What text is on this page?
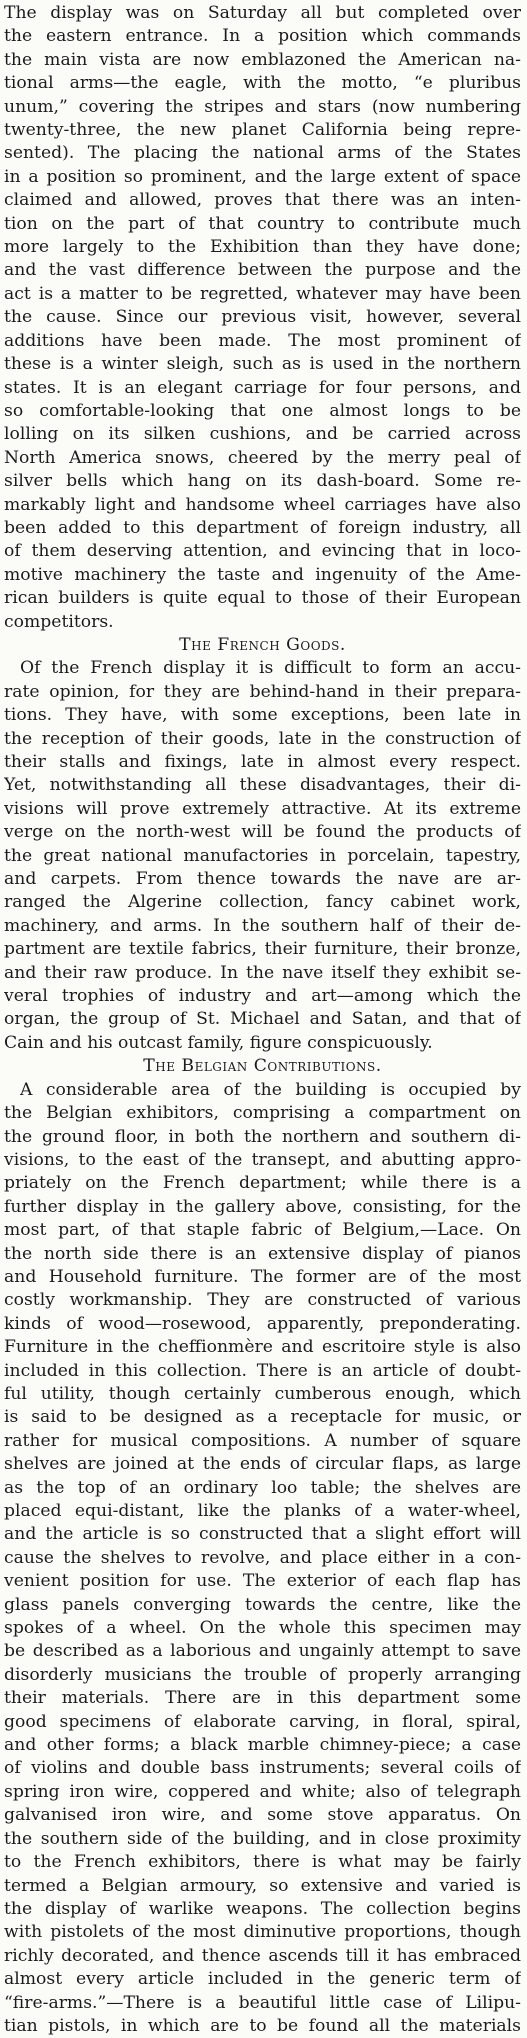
The display was on Saturday all but completed over
the eastern entrance. In a position which commands
the main vista are now emblazoned the American na-
tional arms—the eagle, with the motto, “e pluribus
unum,” covering the stripes and stars (now numbering
twenty-three, the new planet California being repre-
sented). The placing the national arms of the States
in a position so prominent, and the large extent of space
claimed and allowed, proves that there was an inten-
tion on the part of that country to contribute much
more largely to the Exhibition than they have done;
and the vast difference between the purpose and the
act is a matter to be regretted, whatever may have been
the cause. Since our previous visit, however, several
additions have been made. The most prominent of
these is a winter sleigh, such as is used in the northern
states. It is an elegant carriage for four persons, and
so comfortable-looking that one almost longs to be
lolling on its silken cushions, and be carried across
North America snows, cheered by the merry peal of
silver bells which hang on its dash-board. Some re-
markably light and handsome wheel carriages have also
been added to this department of foreign industry, all
of them deserving attention, and evincing that in loco-
motive machinery the taste and ingenuity of the Ame-
rican builders is quite equal to those of their European
competitors.
The French Goods.
Of the French display it is difficult to form an accu-
rate opinion, for they are behind-hand in their prepara-
tions. They have, with some exceptions, been late in
the reception of their goods, late in the construction of
their stalls and fixings, late in almost every respect.
Yet, notwithstanding all these disadvantages, their di-
visions will prove extremely attractive. At its extreme
verge on the north-west will be found the products of
the great national manufactories in porcelain, tapestry,
and carpets. From thence towards the nave are ar-
ranged the Algerine collection, fancy cabinet work,
machinery, and arms. In the southern half of their de-
partment are textile fabrics, their furniture, their bronze,
and their raw produce. In the nave itself they exhibit se-
veral trophies of industry and art—among which the
organ, the group of St. Michael and Satan, and that of
Cain and his outcast family, figure conspicuously.
The Belgian Contributions.
A considerable area of the building is occupied by
the Belgian exhibitors, comprising a compartment on
the ground floor, in both the northern and southern di-
visions, to the east of the transept, and abutting appro-
priately on the French department; while there is a
further display in the gallery above, consisting, for the
most part, of that staple fabric of Belgium,—Lace. On
the north side there is an extensive display of pianos
and Household furniture. The former are of the most
costly workmanship. They are constructed of various
kinds of wood—rosewood, apparently, preponderating.
Furniture in the cheffionmère and escritoire style is also
included in this collection. There is an article of doubt-
ful utility, though certainly cumberous enough, which
is said to be designed as a receptacle for music, or
rather for musical compositions. A number of square
shelves are joined at the ends of circular flaps, as large
as the top of an ordinary loo table; the shelves are
placed equi-distant, like the planks of a water-wheel,
and the article is so constructed that a slight effort will
cause the shelves to revolve, and place either in a con-
venient position for use. The exterior of each flap has
glass panels converging towards the centre, like the
spokes of a wheel. On the whole this specimen may
be described as a laborious and ungainly attempt to save
disorderly musicians the trouble of properly arranging
their materials. There are in this department some
good specimens of elaborate carving, in floral, spiral,
and other forms; a black marble chimney-piece; a case
of violins and double bass instruments; several coils of
spring iron wire, coppered and white; also of telegraph
galvanised iron wire, and some stove apparatus. On
the southern side of the building, and in close proximity
to the French exhibitors, there is what may be fairly
termed a Belgian armoury, so extensive and varied is
the display of warlike weapons. The collection begins
with pistolets of the most diminutive proportions, though
richly decorated, and thence ascends till it has embraced
almost every article included in the generic term of
“fire-arms.”—There is a beautiful little case of Lilipu-
tian pistols, in which are to be found all the materials
